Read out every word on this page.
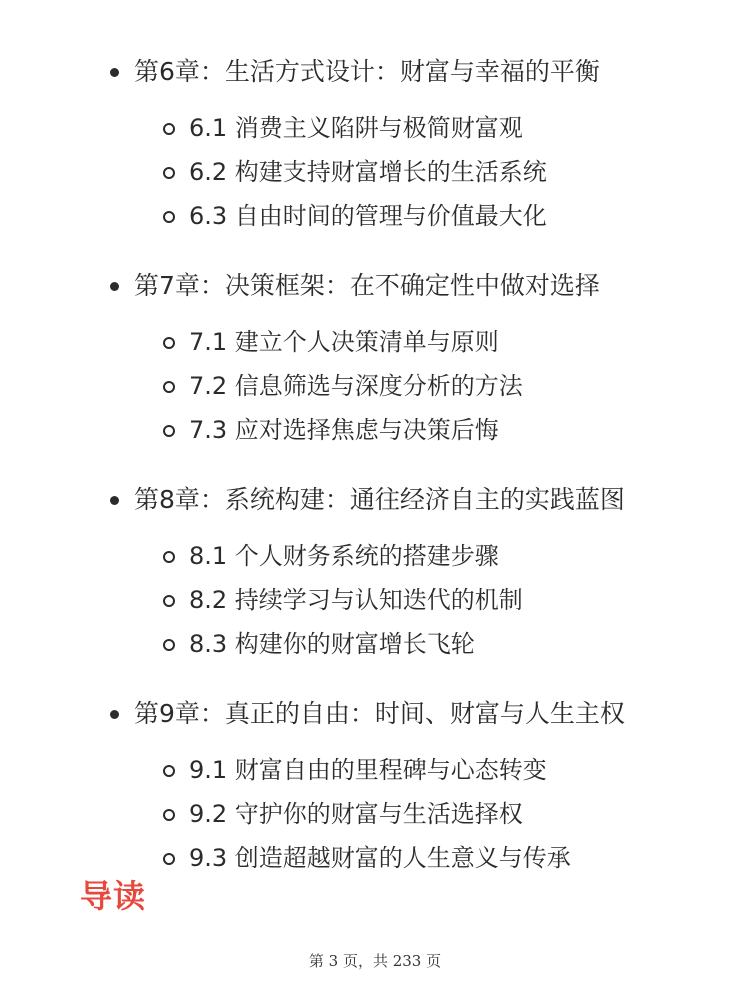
第6章：生活方式设计：财富与幸福的平衡
6.1 消费主义陷阱与极简财富观
6.2 构建支持财富增长的生活系统
6.3 自由时间的管理与价值最大化
第7章：决策框架：在不确定性中做对选择
7.1 建立个人决策清单与原则
7.2 信息筛选与深度分析的方法
7.3 应对选择焦虑与决策后悔
第8章：系统构建：通往经济自主的实践蓝图
8.1 个人财务系统的搭建步骤
8.2 持续学习与认知迭代的机制
8.3 构建你的财富增长飞轮
第9章：真正的自由：时间、财富与人生主权
9.1 财富自由的里程碑与心态转变
9.2 守护你的财富与生活选择权
9.3 创造超越财富的人生意义与传承
导读
第 3 页，共 233 页
